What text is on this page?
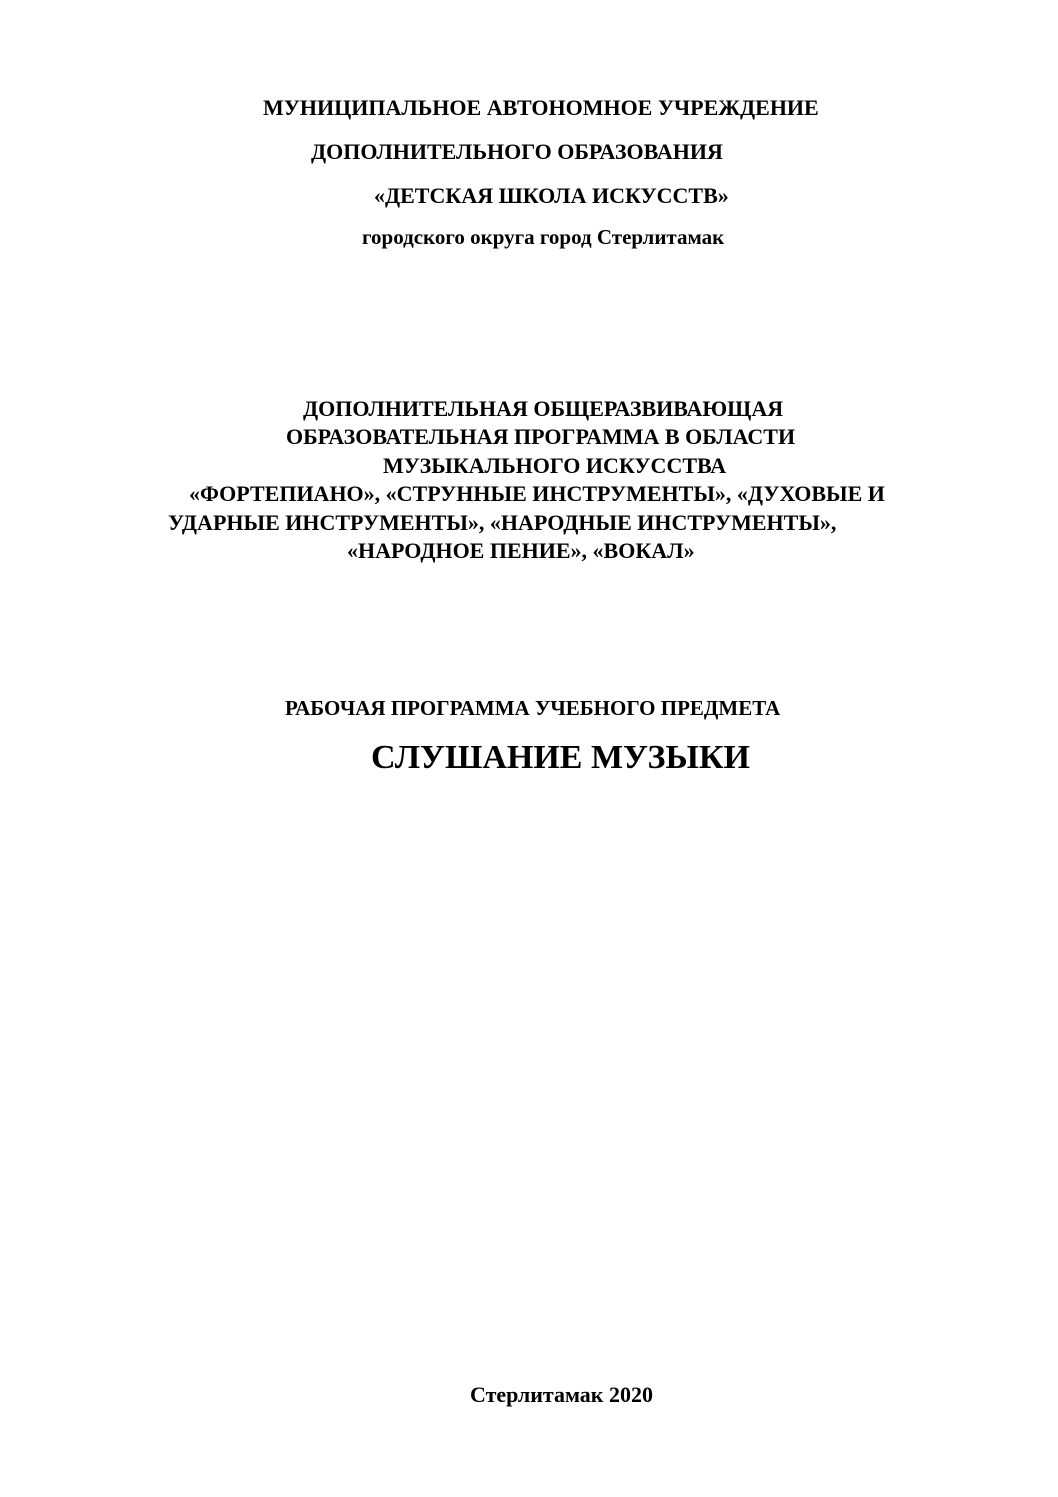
МУНИЦИПАЛЬНОЕ АВТОНОМНОЕ УЧРЕЖДЕНИЕ

ДОПОЛНИТЕЛЬНОГО ОБРАЗОВАНИЯ

«ДЕТСКАЯ ШКОЛА ИСКУССТВ»

городского округа город Стерлитамак

ДОПОЛНИТЕЛЬНАЯ ОБЩЕРАЗВИВАЮЩАЯ

ОБРАЗОВАТЕЛЬНАЯ ПРОГРАММА В ОБЛАСТИ

МУЗЫКАЛЬНОГО ИСКУССТВА

«ФОРТЕПИАНО», «СТРУННЫЕ ИНСТРУМЕНТЫ», «ДУХОВЫЕ И

УДАРНЫЕ ИНСТРУМЕНТЫ», «НАРОДНЫЕ ИНСТРУМЕНТЫ»,

«НАРОДНОЕ ПЕНИЕ», «ВОКАЛ»

РАБОЧАЯ ПРОГРАММА УЧЕБНОГО ПРЕДМЕТА

СЛУШАНИЕ МУЗЫКИ

Стерлитамак 2020
